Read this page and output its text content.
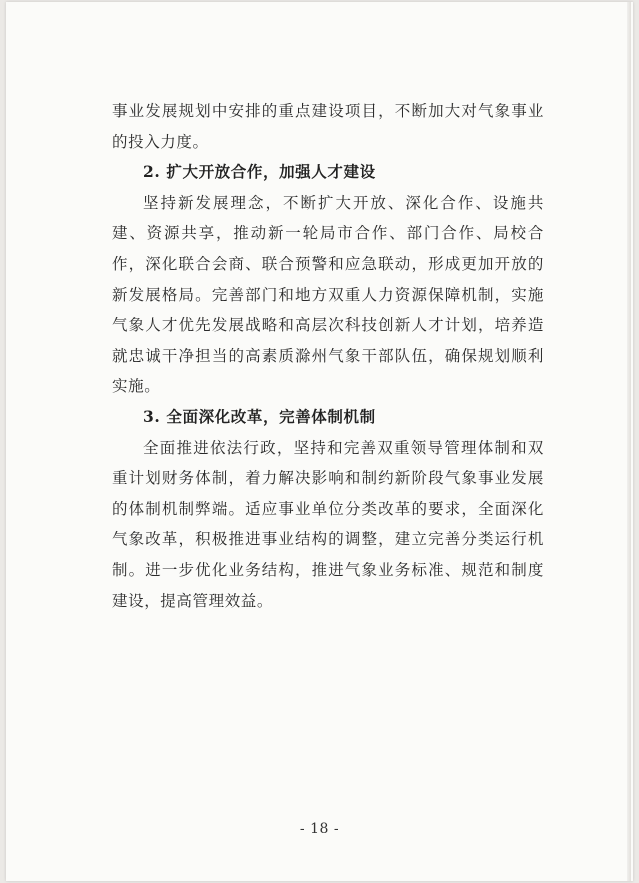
事业发展规划中安排的重点建设项目，不断加大对气象事业的投入力度。

2. 扩大开放合作，加强人才建设

坚持新发展理念，不断扩大开放、深化合作、设施共建、资源共享，推动新一轮局市合作、部门合作、局校合作，深化联合会商、联合预警和应急联动，形成更加开放的新发展格局。完善部门和地方双重人力资源保障机制，实施气象人才优先发展战略和高层次科技创新人才计划，培养造就忠诚干净担当的高素质滁州气象干部队伍，确保规划顺利实施。

3. 全面深化改革，完善体制机制

全面推进依法行政，坚持和完善双重领导管理体制和双重计划财务体制，着力解决影响和制约新阶段气象事业发展的体制机制弊端。适应事业单位分类改革的要求，全面深化气象改革，积极推进事业结构的调整，建立完善分类运行机制。进一步优化业务结构，推进气象业务标准、规范和制度建设，提高管理效益。

- 18 -
